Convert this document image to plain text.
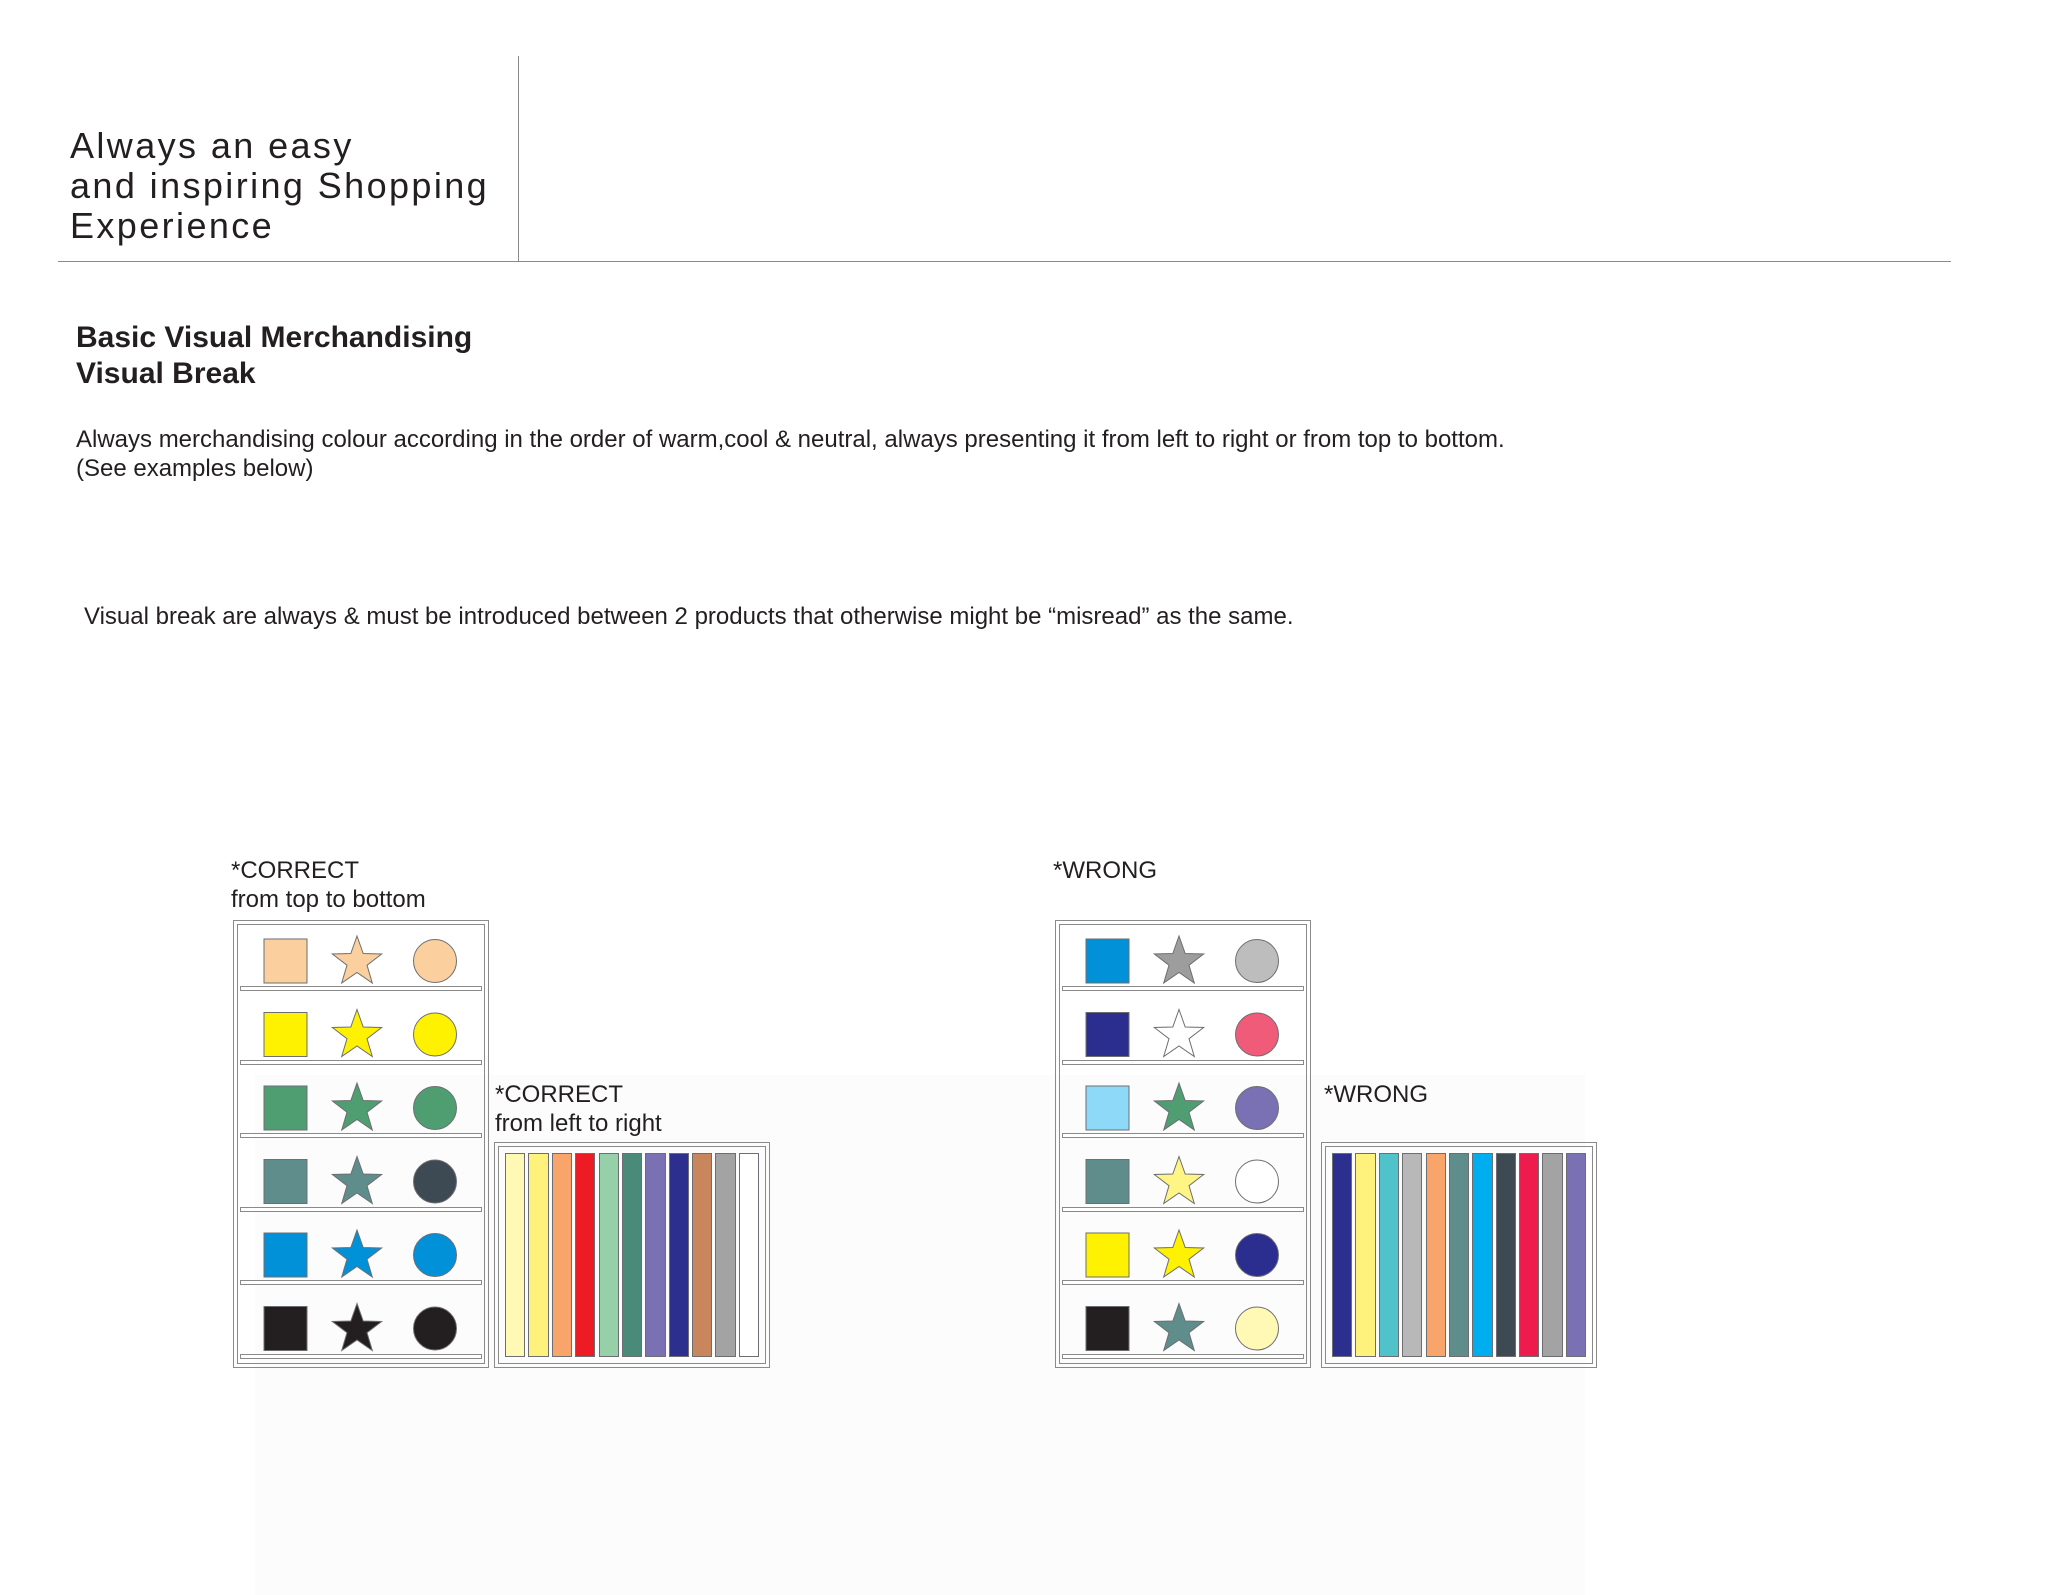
Always an easy
and inspiring Shopping
Experience
Basic Visual Merchandising
Visual Break
Always merchandising colour according in the order of warm,cool & neutral, always presenting it from left to right or from top to bottom.
(See examples below)
Visual break are always & must be introduced between 2 products that otherwise might be “misread” as the same.
*CORRECT
from top to bottom
*CORRECT
from left to right
*WRONG
*WRONG
